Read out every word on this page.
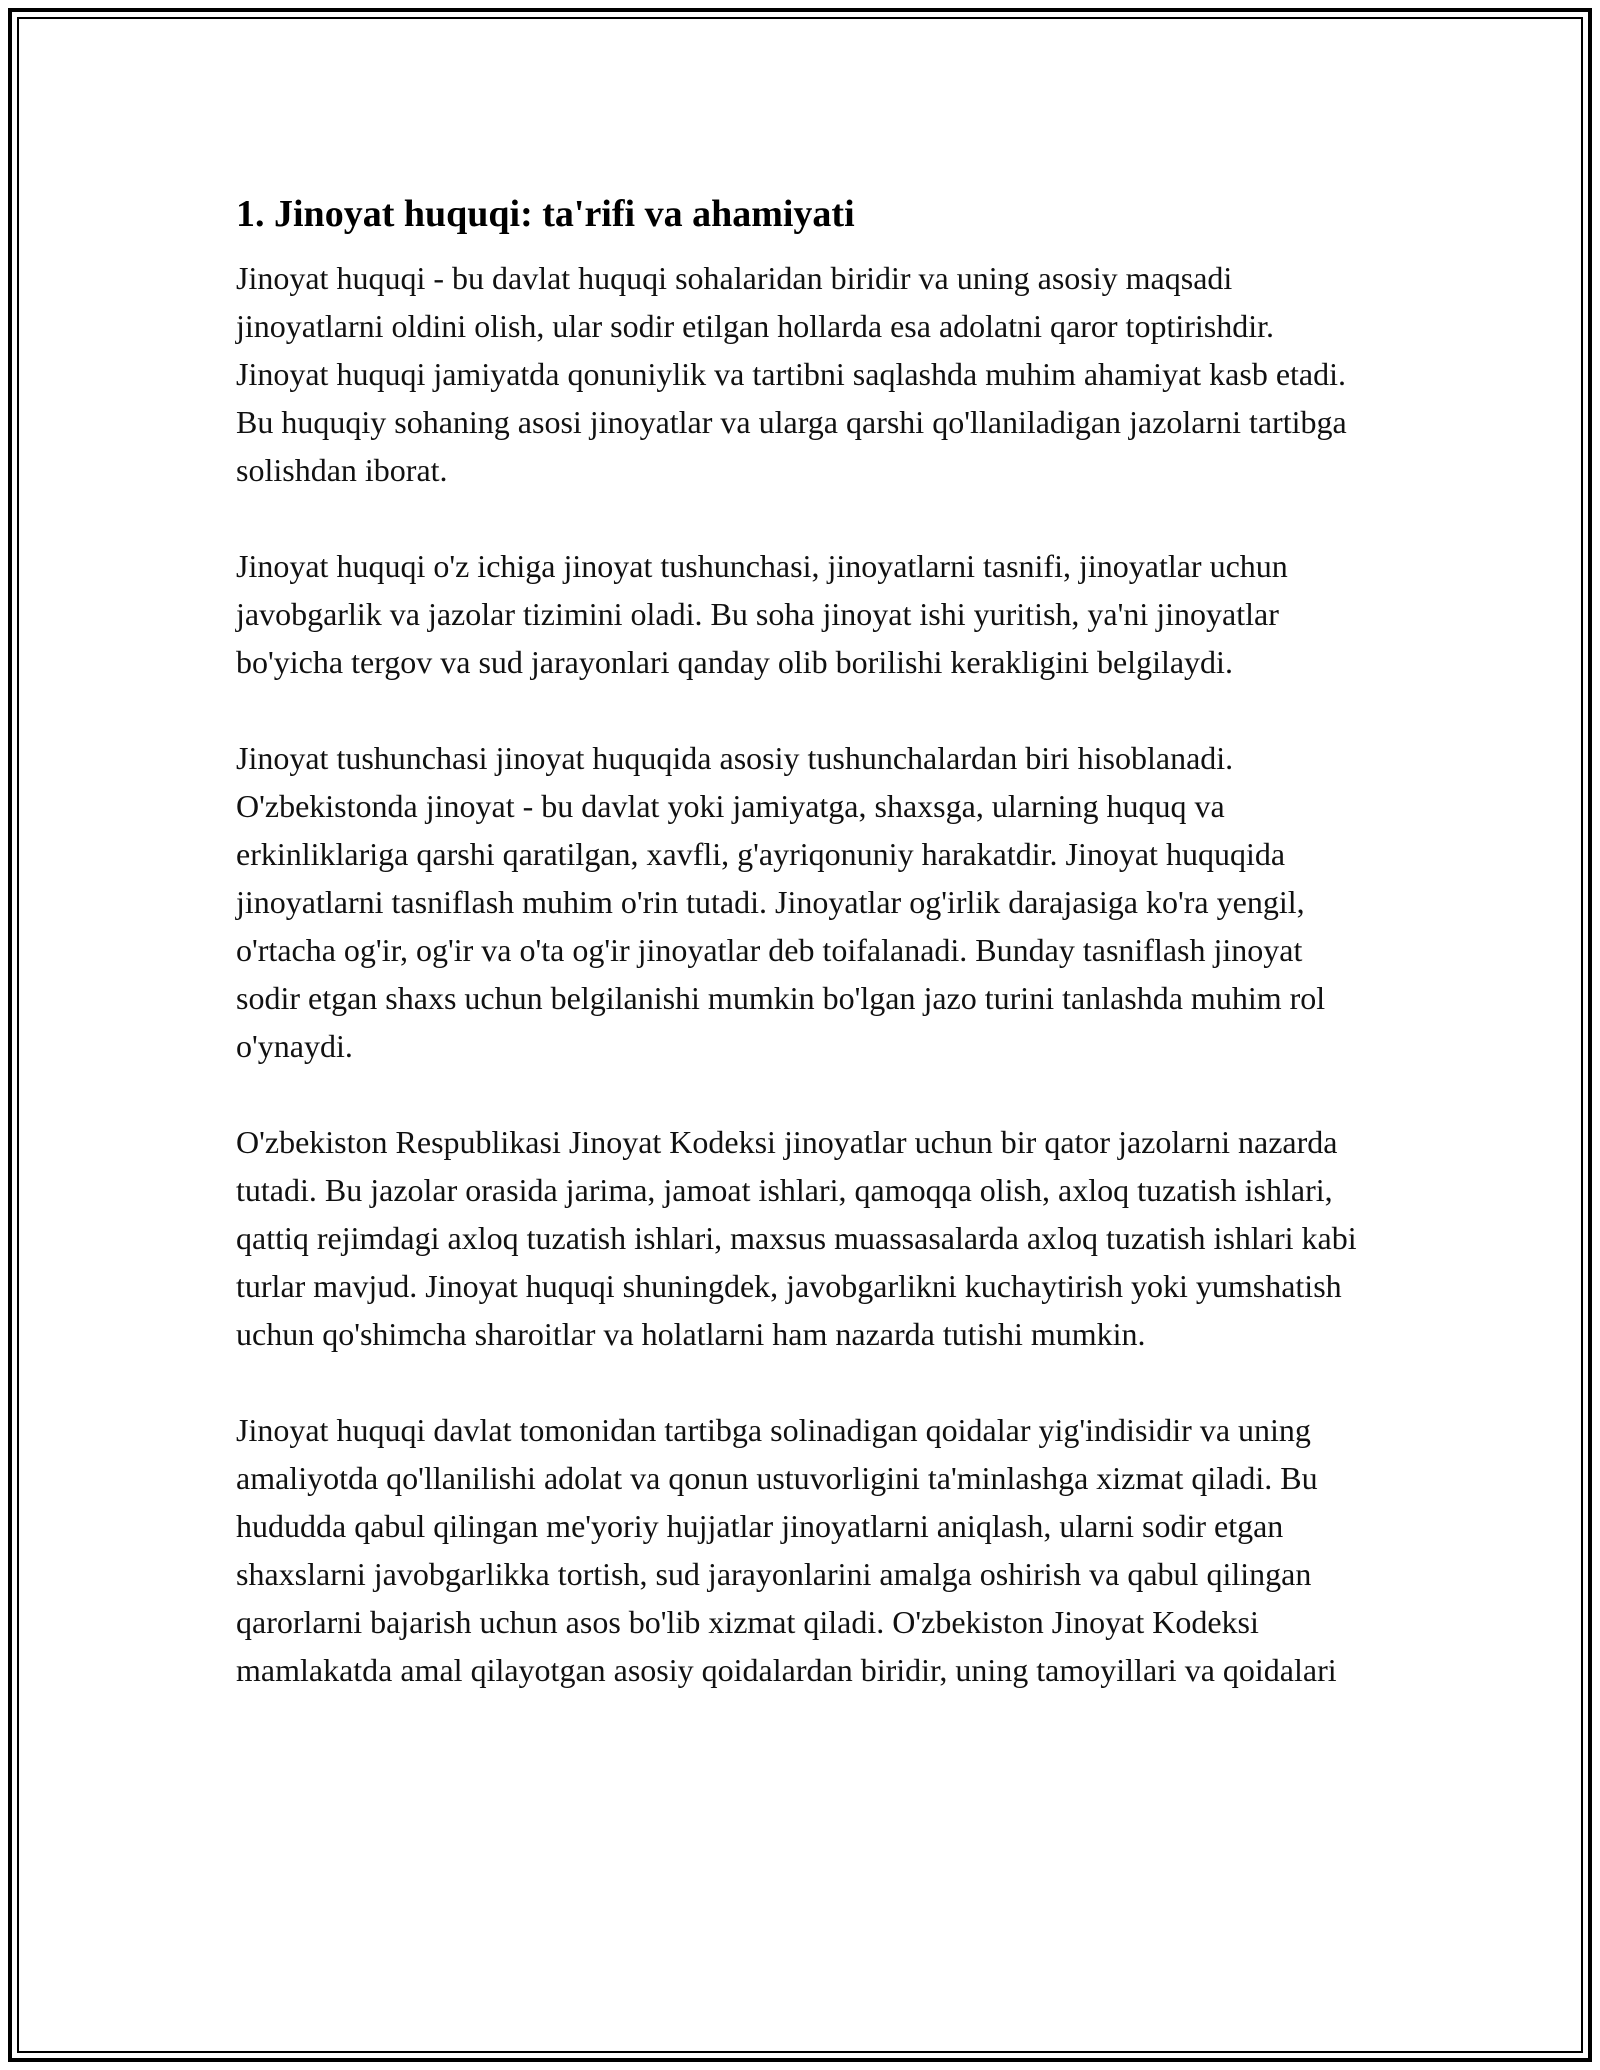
1. Jinoyat huquqi: ta'rifi va ahamiyati

Jinoyat huquqi - bu davlat huquqi sohalaridan biridir va uning asosiy maqsadi jinoyatlarni oldini olish, ular sodir etilgan hollarda esa adolatni qaror toptirishdir. Jinoyat huquqi jamiyatda qonuniylik va tartibni saqlashda muhim ahamiyat kasb etadi. Bu huquqiy sohaning asosi jinoyatlar va ularga qarshi qo'llaniladigan jazolarni tartibga solishdan iborat.

Jinoyat huquqi o'z ichiga jinoyat tushunchasi, jinoyatlarni tasnifi, jinoyatlar uchun javobgarlik va jazolar tizimini oladi. Bu soha jinoyat ishi yuritish, ya'ni jinoyatlar bo'yicha tergov va sud jarayonlari qanday olib borilishi kerakligini belgilaydi.

Jinoyat tushunchasi jinoyat huquqida asosiy tushunchalardan biri hisoblanadi. O'zbekistonda jinoyat - bu davlat yoki jamiyatga, shaxsga, ularning huquq va erkinliklariga qarshi qaratilgan, xavfli, g'ayriqonuniy harakatdir. Jinoyat huquqida jinoyatlarni tasniflash muhim o'rin tutadi. Jinoyatlar og'irlik darajasiga ko'ra yengil, o'rtacha og'ir, og'ir va o'ta og'ir jinoyatlar deb toifalanadi. Bunday tasniflash jinoyat sodir etgan shaxs uchun belgilanishi mumkin bo'lgan jazo turini tanlashda muhim rol o'ynaydi.

O'zbekiston Respublikasi Jinoyat Kodeksi jinoyatlar uchun bir qator jazolarni nazarda tutadi. Bu jazolar orasida jarima, jamoat ishlari, qamoqqa olish, axloq tuzatish ishlari, qattiq rejimdagi axloq tuzatish ishlari, maxsus muassasalarda axloq tuzatish ishlari kabi turlar mavjud. Jinoyat huquqi shuningdek, javobgarlikni kuchaytirish yoki yumshatish uchun qo'shimcha sharoitlar va holatlarni ham nazarda tutishi mumkin.

Jinoyat huquqi davlat tomonidan tartibga solinadigan qoidalar yig'indisidir va uning amaliyotda qo'llanilishi adolat va qonun ustuvorligini ta'minlashga xizmat qiladi. Bu hududda qabul qilingan me'yoriy hujjatlar jinoyatlarni aniqlash, ularni sodir etgan shaxslarni javobgarlikka tortish, sud jarayonlarini amalga oshirish va qabul qilingan qarorlarni bajarish uchun asos bo'lib xizmat qiladi. O'zbekiston Jinoyat Kodeksi mamlakatda amal qilayotgan asosiy qoidalardan biridir, uning tamoyillari va qoidalari
